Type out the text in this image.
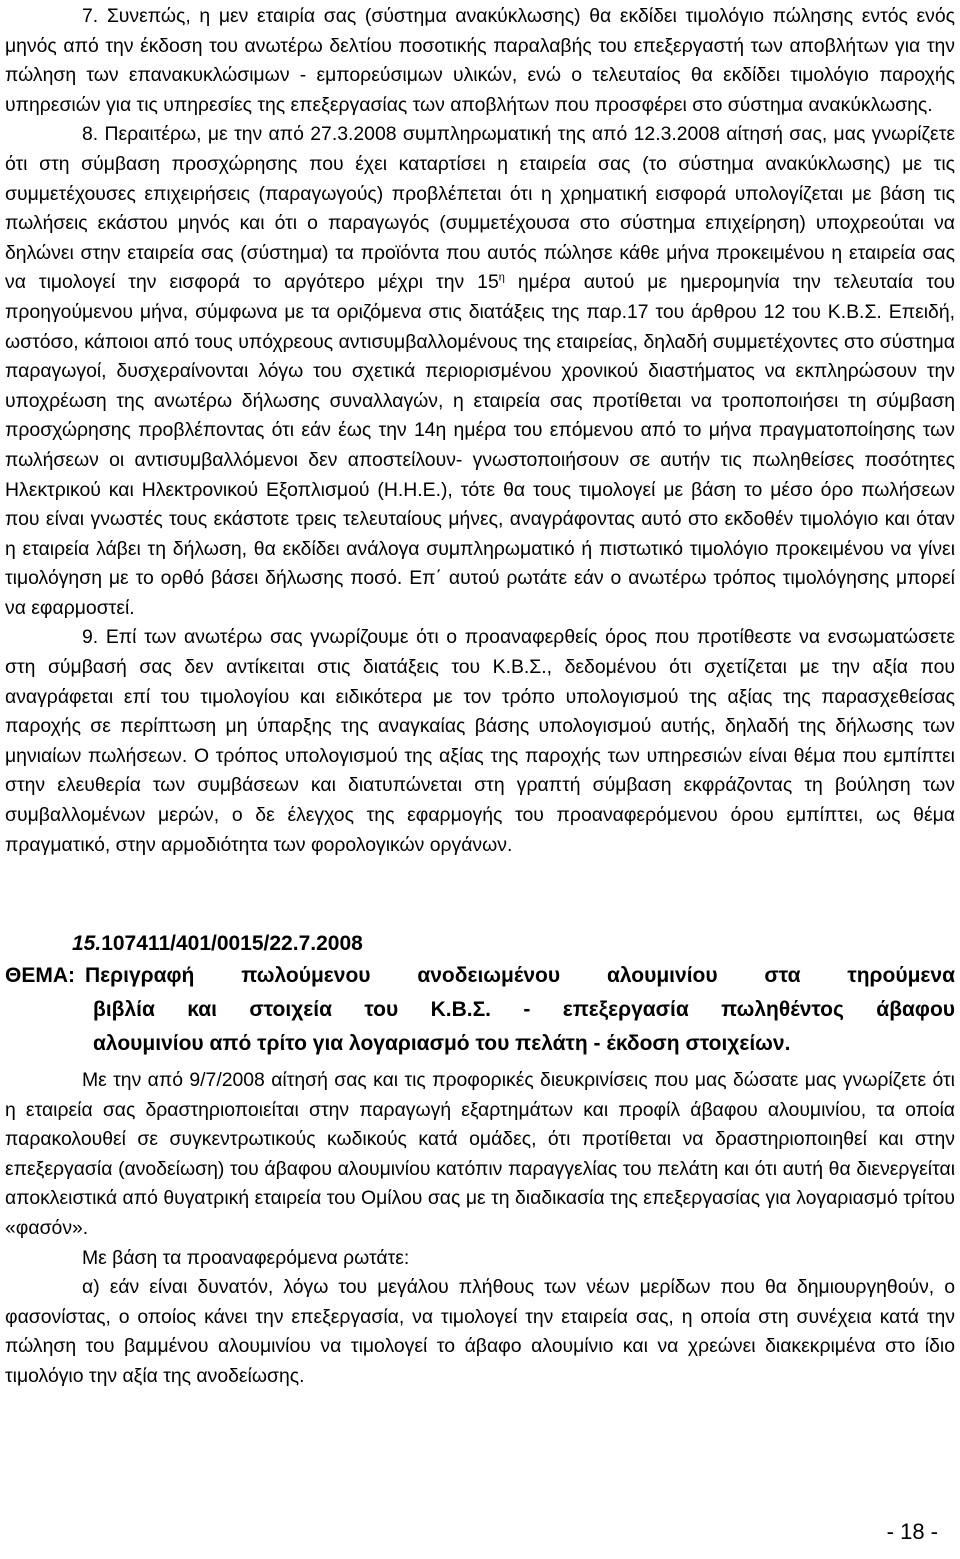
7. Συνεπώς, η μεν εταιρία σας (σύστημα ανακύκλωσης) θα εκδίδει τιμολόγιο πώλησης εντός ενός μηνός από την έκδοση του ανωτέρω δελτίου ποσοτικής παραλαβής του επεξεργαστή των αποβλήτων για την πώληση των επανακυκλώσιμων - εμπορεύσιμων υλικών, ενώ ο τελευταίος θα εκδίδει τιμολόγιο παροχής υπηρεσιών για τις υπηρεσίες της επεξεργασίας των αποβλήτων που προσφέρει στο σύστημα ανακύκλωσης.

8. Περαιτέρω, με την από 27.3.2008 συμπληρωματική της από 12.3.2008 αίτησή σας, μας γνωρίζετε ότι στη σύμβαση προσχώρησης που έχει καταρτίσει η εταιρεία σας (το σύστημα ανακύκλωσης) με τις συμμετέχουσες επιχειρήσεις (παραγωγούς) προβλέπεται ότι η χρηματική εισφορά υπολογίζεται με βάση τις πωλήσεις εκάστου μηνός και ότι ο παραγωγός (συμμετέχουσα στο σύστημα επιχείρηση) υποχρεούται να δηλώνει στην εταιρεία σας (σύστημα) τα προϊόντα που αυτός πώλησε κάθε μήνα προκειμένου η εταιρεία σας να τιμολογεί την εισφορά το αργότερο μέχρι την $15^\eta$ ημέρα αυτού με ημερομηνία την τελευταία του προηγούμενου μήνα, σύμφωνα με τα οριζόμενα στις διατάξεις της παρ.17 του άρθρου 12 του Κ.Β.Σ. Επειδή, ωστόσο, κάποιοι από τους υπόχρεους αντισυμβαλλομένους της εταιρείας, δηλαδή συμμετέχοντες στο σύστημα παραγωγοί, δυσχεραίνονται λόγω του σχετικά περιορισμένου χρονικού διαστήματος να εκπληρώσουν την υποχρέωση της ανωτέρω δήλωσης συναλλαγών, η εταιρεία σας προτίθεται να τροποποιήσει τη σύμβαση προσχώρησης προβλέποντας ότι εάν έως την 14η ημέρα του επόμενου από το μήνα πραγματοποίησης των πωλήσεων οι αντισυμβαλλόμενοι δεν αποστείλουν- γνωστοποιήσουν σε αυτήν τις πωληθείσες ποσότητες Ηλεκτρικού και Ηλεκτρονικού Εξοπλισμού (Η.Η.Ε.), τότε θα τους τιμολογεί με βάση το μέσο όρο πωλήσεων που είναι γνωστές τους εκάστοτε τρεις τελευταίους μήνες, αναγράφοντας αυτό στο εκδοθέν τιμολόγιο και όταν η εταιρεία λάβει τη δήλωση, θα εκδίδει ανάλογα συμπληρωματικό ή πιστωτικό τιμολόγιο προκειμένου να γίνει τιμολόγηση με το ορθό βάσει δήλωσης ποσό. Επ΄ αυτού ρωτάτε εάν ο ανωτέρω τρόπος τιμολόγησης μπορεί να εφαρμοστεί.

9. Επί των ανωτέρω σας γνωρίζουμε ότι ο προαναφερθείς όρος που προτίθεστε να ενσωματώσετε στη σύμβασή σας δεν αντίκειται στις διατάξεις του Κ.Β.Σ., δεδομένου ότι σχετίζεται με την αξία που αναγράφεται επί του τιμολογίου και ειδικότερα με τον τρόπο υπολογισμού της αξίας της παρασχεθείσας παροχής σε περίπτωση μη ύπαρξης της αναγκαίας βάσης υπολογισμού αυτής, δηλαδή της δήλωσης των μηνιαίων πωλήσεων. Ο τρόπος υπολογισμού της αξίας της παροχής των υπηρεσιών είναι θέμα που εμπίπτει στην ελευθερία των συμβάσεων και διατυπώνεται στη γραπτή σύμβαση εκφράζοντας τη βούληση των συμβαλλομένων μερών, ο δε έλεγχος της εφαρμογής του προαναφερόμενου όρου εμπίπτει, ως θέμα πραγματικό, στην αρμοδιότητα των φορολογικών οργάνων.

15.107411/401/0015/22.7.2008
ΘΕΜΑ: Περιγραφή πωλούμενου ανοδειωμένου αλουμινίου στα τηρούμενα
βιβλία και στοιχεία του Κ.Β.Σ. - επεξεργασία πωληθέντος άβαφου
αλουμινίου από τρίτο για λογαριασμό του πελάτη - έκδοση στοιχείων.

Με την από 9/7/2008 αίτησή σας και τις προφορικές διευκρινίσεις που μας δώσατε μας γνωρίζετε ότι η εταιρεία σας δραστηριοποιείται στην παραγωγή εξαρτημάτων και προφίλ άβαφου αλουμινίου, τα οποία παρακολουθεί σε συγκεντρωτικούς κωδικούς κατά ομάδες, ότι προτίθεται να δραστηριοποιηθεί και στην επεξεργασία (ανοδείωση) του άβαφου αλουμινίου κατόπιν παραγγελίας του πελάτη και ότι αυτή θα διενεργείται αποκλειστικά από θυγατρική εταιρεία του Ομίλου σας με τη διαδικασία της επεξεργασίας για λογαριασμό τρίτου «φασόν».

Με βάση τα προαναφερόμενα ρωτάτε:

α) εάν είναι δυνατόν, λόγω του μεγάλου πλήθους των νέων μερίδων που θα δημιουργηθούν, ο φασονίστας, ο οποίος κάνει την επεξεργασία, να τιμολογεί την εταιρεία σας, η οποία στη συνέχεια κατά την πώληση του βαμμένου αλουμινίου να τιμολογεί το άβαφο αλουμίνιο και να χρεώνει διακεκριμένα στο ίδιο τιμολόγιο την αξία της ανοδείωσης.

- 18 -
